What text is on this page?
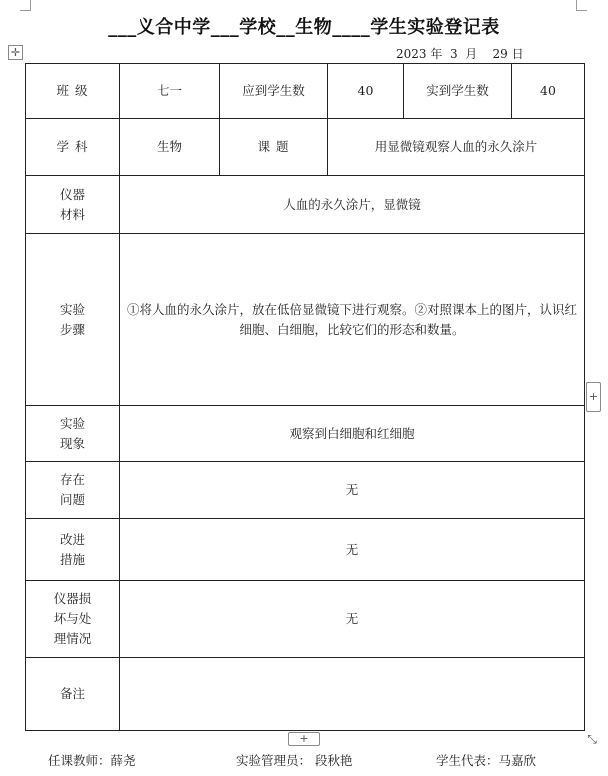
___义合中学___学校__生物____学生实验登记表
2023 年  3  月    29 日
✛
班 级	七一	应到学生数	40	实到学生数	40
学 科	生物	课 题	用显微镜观察人血的永久涂片		
仪器
材料	人血的永久涂片，显微镜				
实验
步骤	①将人血的永久涂片，放在低倍显微镜下进行观察。②对照课本上的图片，认识红细胞、白细胞，比较它们的形态和数量。				
实验
现象	观察到白细胞和红细胞				
存在
问题	无				
改进
措施	无				
仪器损
坏与处
理情况	无				
备注					
+
+
⤡
任课教师：薛尧	实验管理员： 段秋艳	学生代表：马嘉欣
